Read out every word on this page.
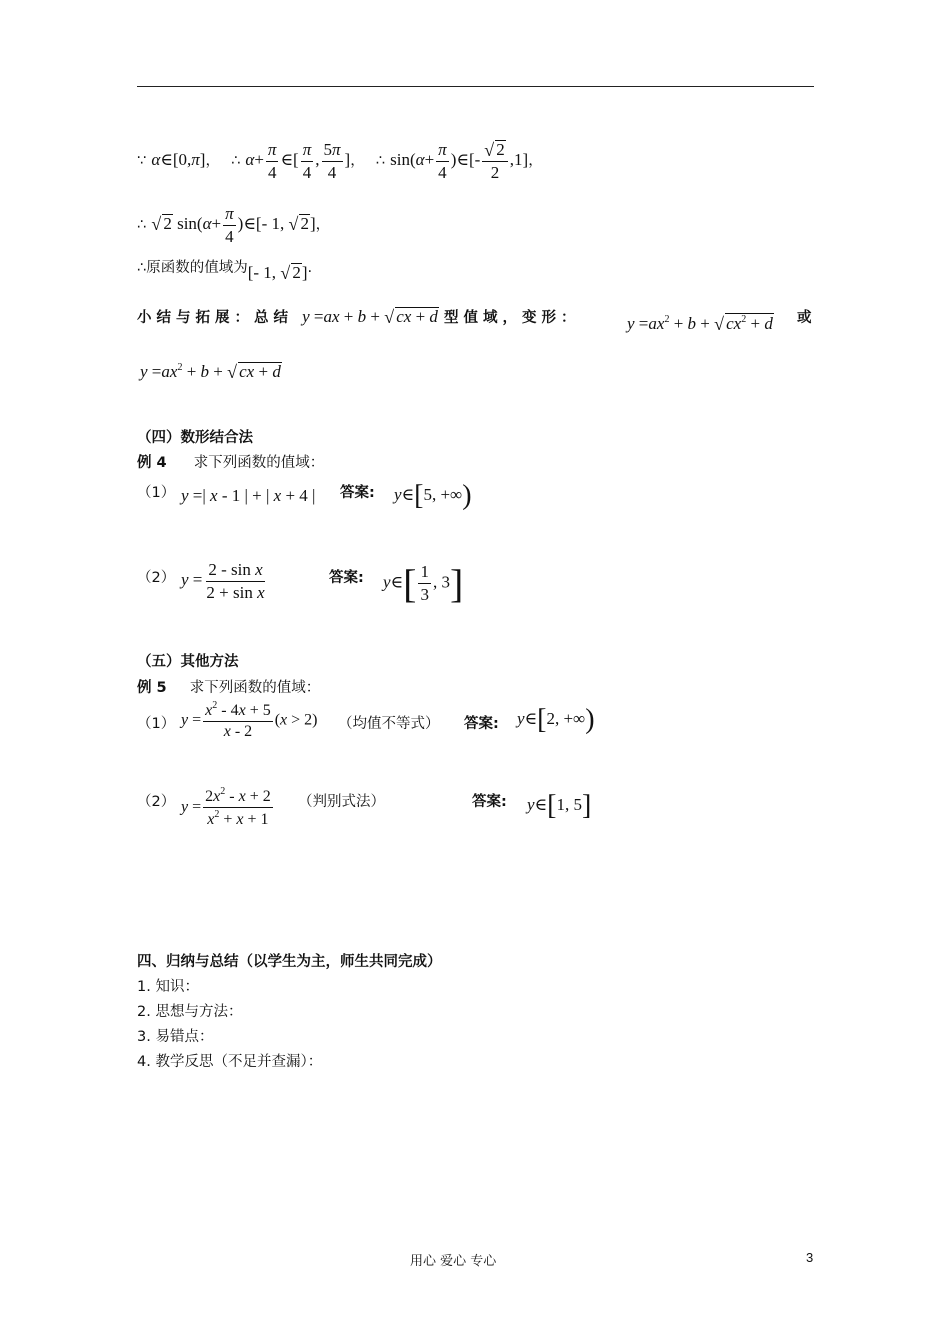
∵ α∈[0,π]， ∴ $\alpha+ \frac{\pi}{4}$ ∈[ $\frac{\pi}{4}$ , $\frac{5\pi}{4}$ ]， ∴ $\sin(\alpha+ \frac{\pi}{4}$ )∈[- $\frac{√ 2}{2} ,1$]，
∴ √ 2 $\sin(\alpha+ \frac{\pi}{4}$ )∈[- 1, √ 2]，
∴原函数的值域为[- 1, √ 2].
小结与拓展：总结 y =ax + b + √ cx + d 型值域，变形：	$y =ax^2 + b$ + √ $cx^2 + d$ 或
$y =ax^2 + b$ + √ cx + d
（四）数形结合法
例 4 求下列函数的值域：
（1） y =| x - 1 | + | x + 4 | 答案: y∈[5, +∞)
（2） $y = \frac{\text{2 - sin x}}{\text{2 + sin x}}$	答案: y∈[ $\frac{1}{3}$ , 3]
（五）其他方法
例 5 求下列函数的值域：
（1） $y = \frac{x^2 - 4x + 5}{x - 2} (x > 2)$ （均值不等式） 答案: y∈[2, +∞)
（2） $y = \frac{2x^2 - x + 2}{x^2 + x + 1}$ （判别式法）	答案: y∈[1, 5]
四、归纳与总结（以学生为主，师生共同完成）
1. 知识：
2. 思想与方法：
3. 易错点：
4. 教学反思（不足并查漏）：
用心 爱心 专心	3
